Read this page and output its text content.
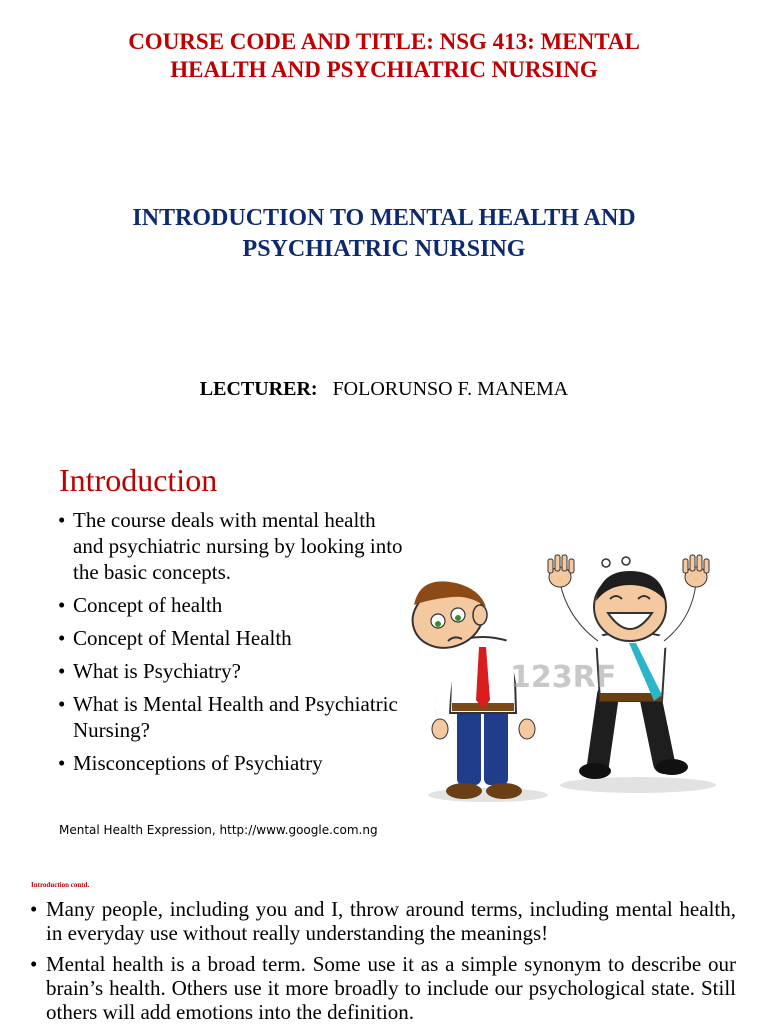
COURSE CODE AND TITLE: NSG 413: MENTAL
HEALTH AND PSYCHIATRIC NURSING
INTRODUCTION TO MENTAL HEALTH AND
PSYCHIATRIC NURSING
LECTURER: FOLORUNSO F. MANEMA
Introduction
• The course deals with mental health and psychiatric nursing by looking into the basic concepts.
• Concept of health
• Concept of Mental Health
• What is Psychiatry?
• What is Mental Health and Psychiatric Nursing?
• Misconceptions of Psychiatry
123RF
Mental Health Expression, http://www.google.com.ng
Introduction contd.
• Many people, including you and I, throw around terms, including mental health, in everyday use without really understanding the meanings!
• Mental health is a broad term. Some use it as a simple synonym to describe our brain’s health. Others use it more broadly to include our psychological state. Still others will add emotions into the definition.
